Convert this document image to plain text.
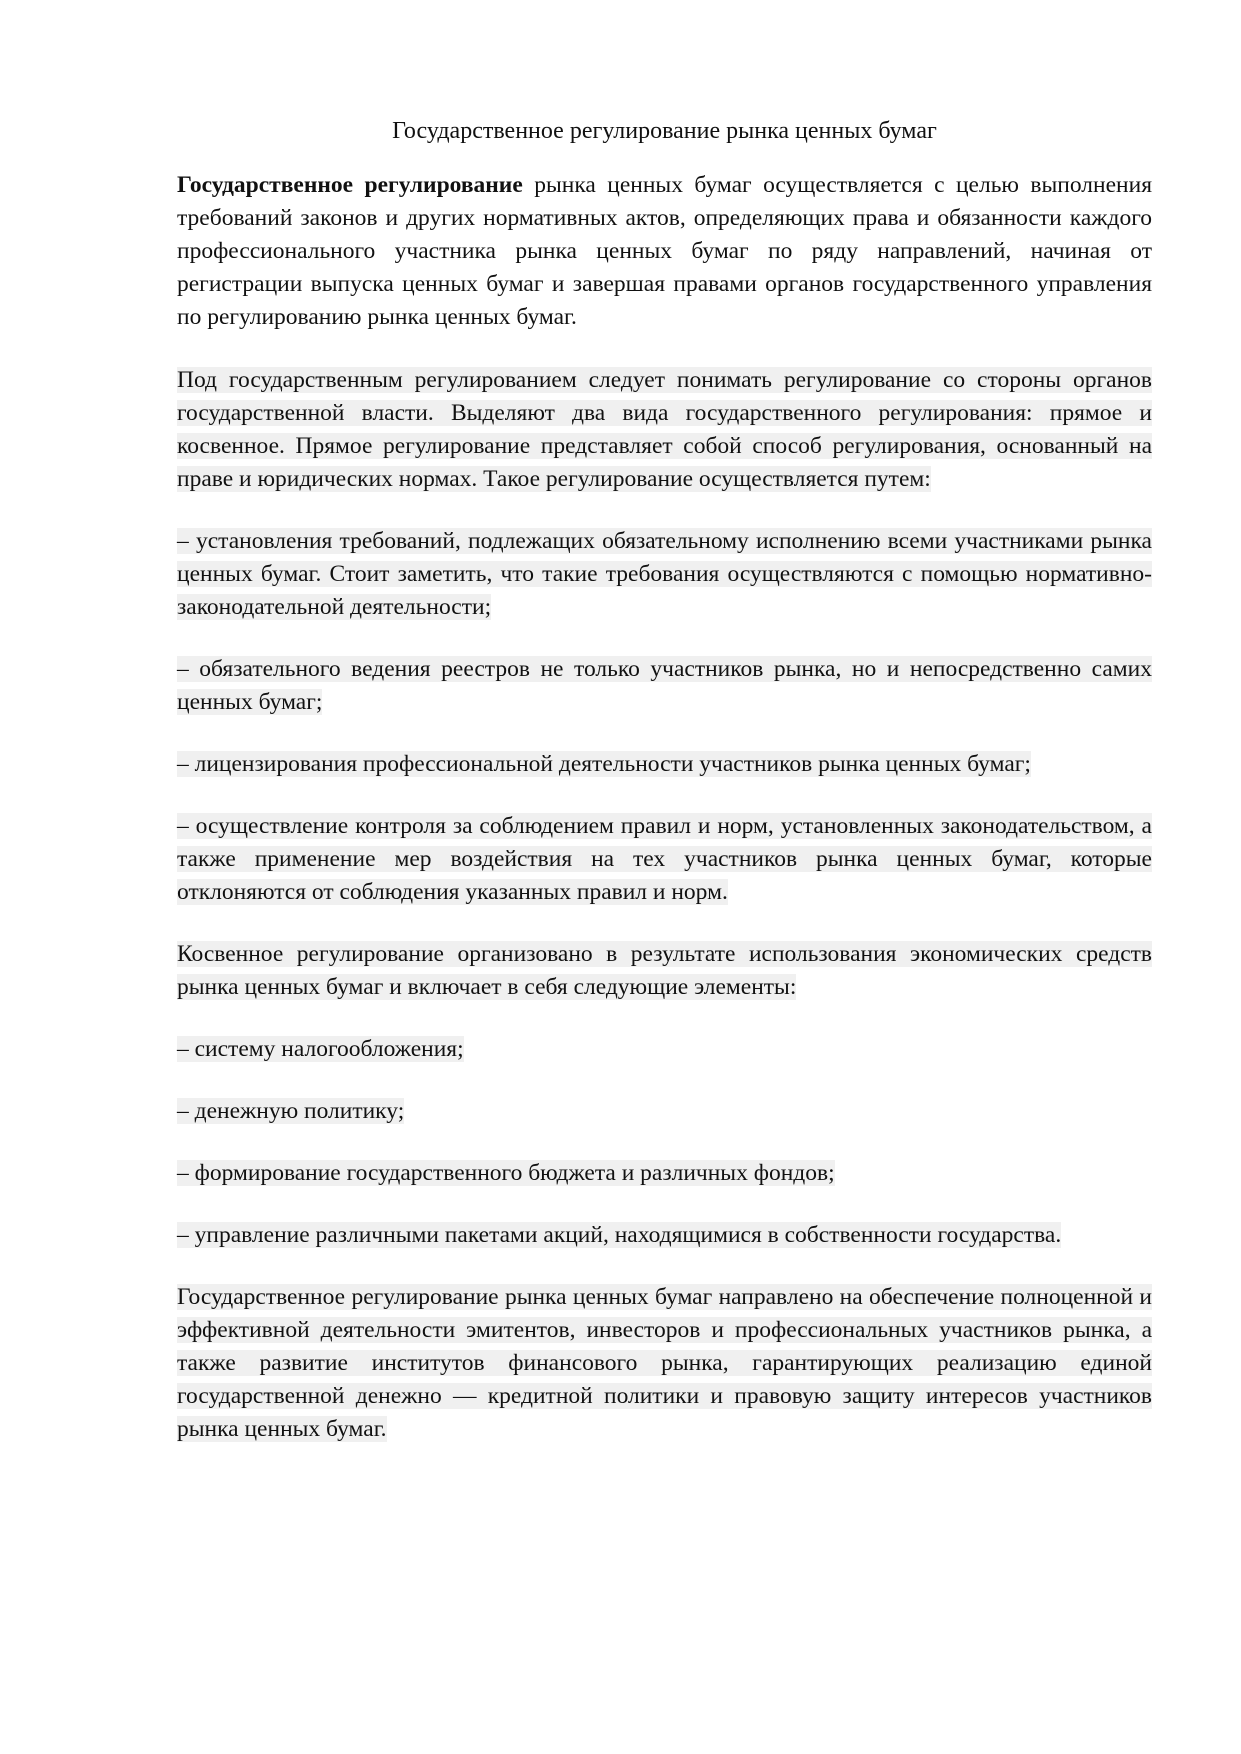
Государственное регулирование рынка ценных бумаг
Государственное регулирование рынка ценных бумаг осуществляется с целью выполнения требований законов и других нормативных актов, определяющих права и обязанности каждого профессионального участника рынка ценных бумаг по ряду направлений, начиная от регистрации выпуска ценных бумаг и завершая правами органов государственного управления по регулированию рынка ценных бумаг.
Под государственным регулированием следует понимать регулирование со стороны органов государственной власти. Выделяют два вида государственного регулирования: прямое и косвенное. Прямое регулирование представляет собой способ регулирования, основанный на праве и юридических нормах. Такое регулирование осуществляется путем:
– установления требований, подлежащих обязательному исполнению всеми участниками рынка ценных бумаг. Стоит заметить, что такие требования осуществляются с помощью нормативно-законодательной деятельности;
– обязательного ведения реестров не только участников рынка, но и непосредственно самих ценных бумаг;
– лицензирования профессиональной деятельности участников рынка ценных бумаг;
– осуществление контроля за соблюдением правил и норм, установленных законодательством, а также применение мер воздействия на тех участников рынка ценных бумаг, которые отклоняются от соблюдения указанных правил и норм.
Косвенное регулирование организовано в результате использования экономических средств рынка ценных бумаг и включает в себя следующие элементы:
– систему налогообложения;
– денежную политику;
– формирование государственного бюджета и различных фондов;
– управление различными пакетами акций, находящимися в собственности государства.
Государственное регулирование рынка ценных бумаг направлено на обеспечение полноценной и эффективной деятельности эмитентов, инвесторов и профессиональных участников рынка, а также развитие институтов финансового рынка, гарантирующих реализацию единой государственной денежно — кредитной политики и правовую защиту интересов участников рынка ценных бумаг.
